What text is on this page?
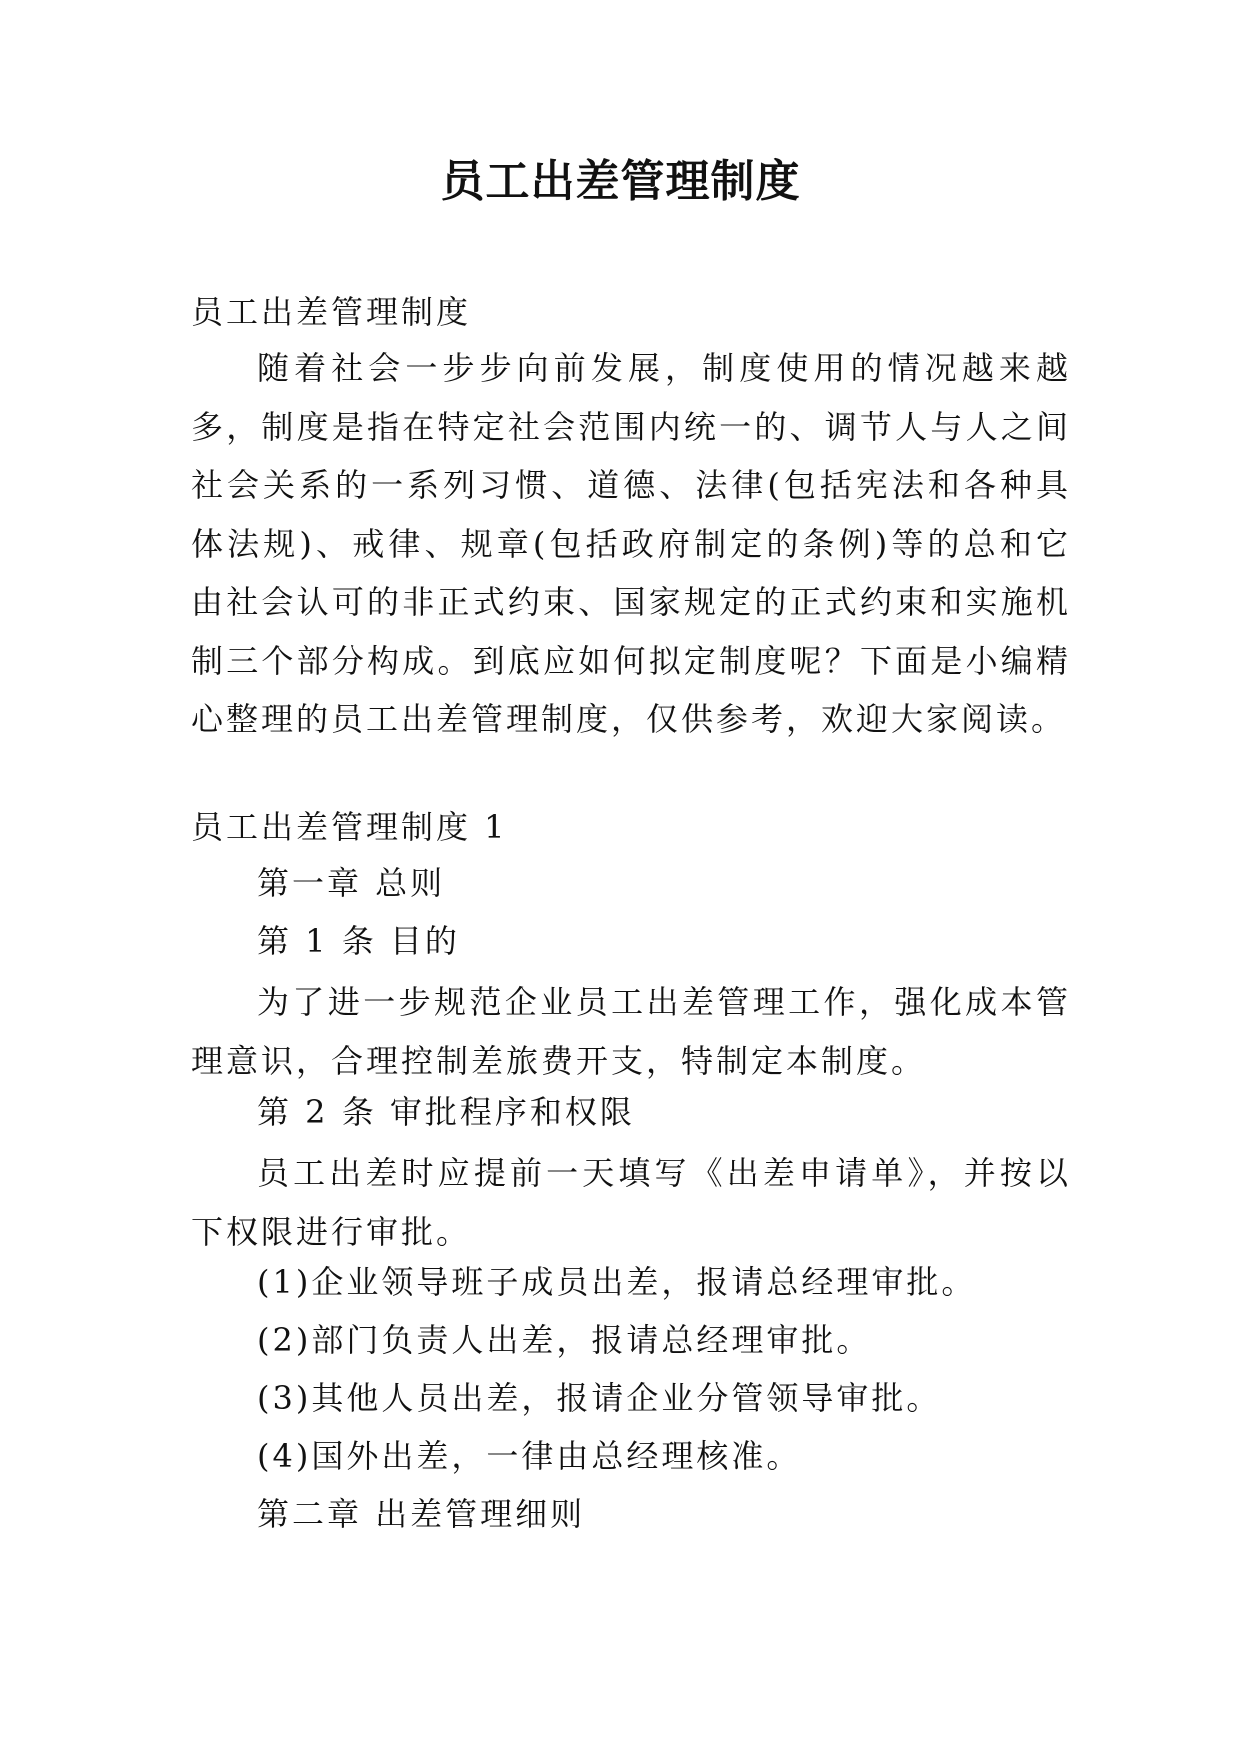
员工出差管理制度
员工出差管理制度

随着社会一步步向前发展，制度使用的情况越来越多，制度是指在特定社会范围内统一的、调节人与人之间社会关系的一系列习惯、道德、法律(包括宪法和各种具体法规)、戒律、规章(包括政府制定的条例)等的总和它由社会认可的非正式约束、国家规定的正式约束和实施机制三个部分构成。到底应如何拟定制度呢？下面是小编精心整理的员工出差管理制度，仅供参考，欢迎大家阅读。

员工出差管理制度 1
第一章 总则
第 1 条 目的

为了进一步规范企业员工出差管理工作，强化成本管理意识，合理控制差旅费开支，特制定本制度。

第 2 条 审批程序和权限

员工出差时应提前一天填写《出差申请单》，并按以下权限进行审批。

(1)企业领导班子成员出差，报请总经理审批。
(2)部门负责人出差，报请总经理审批。
(3)其他人员出差，报请企业分管领导审批。
(4)国外出差，一律由总经理核准。
第二章 出差管理细则
